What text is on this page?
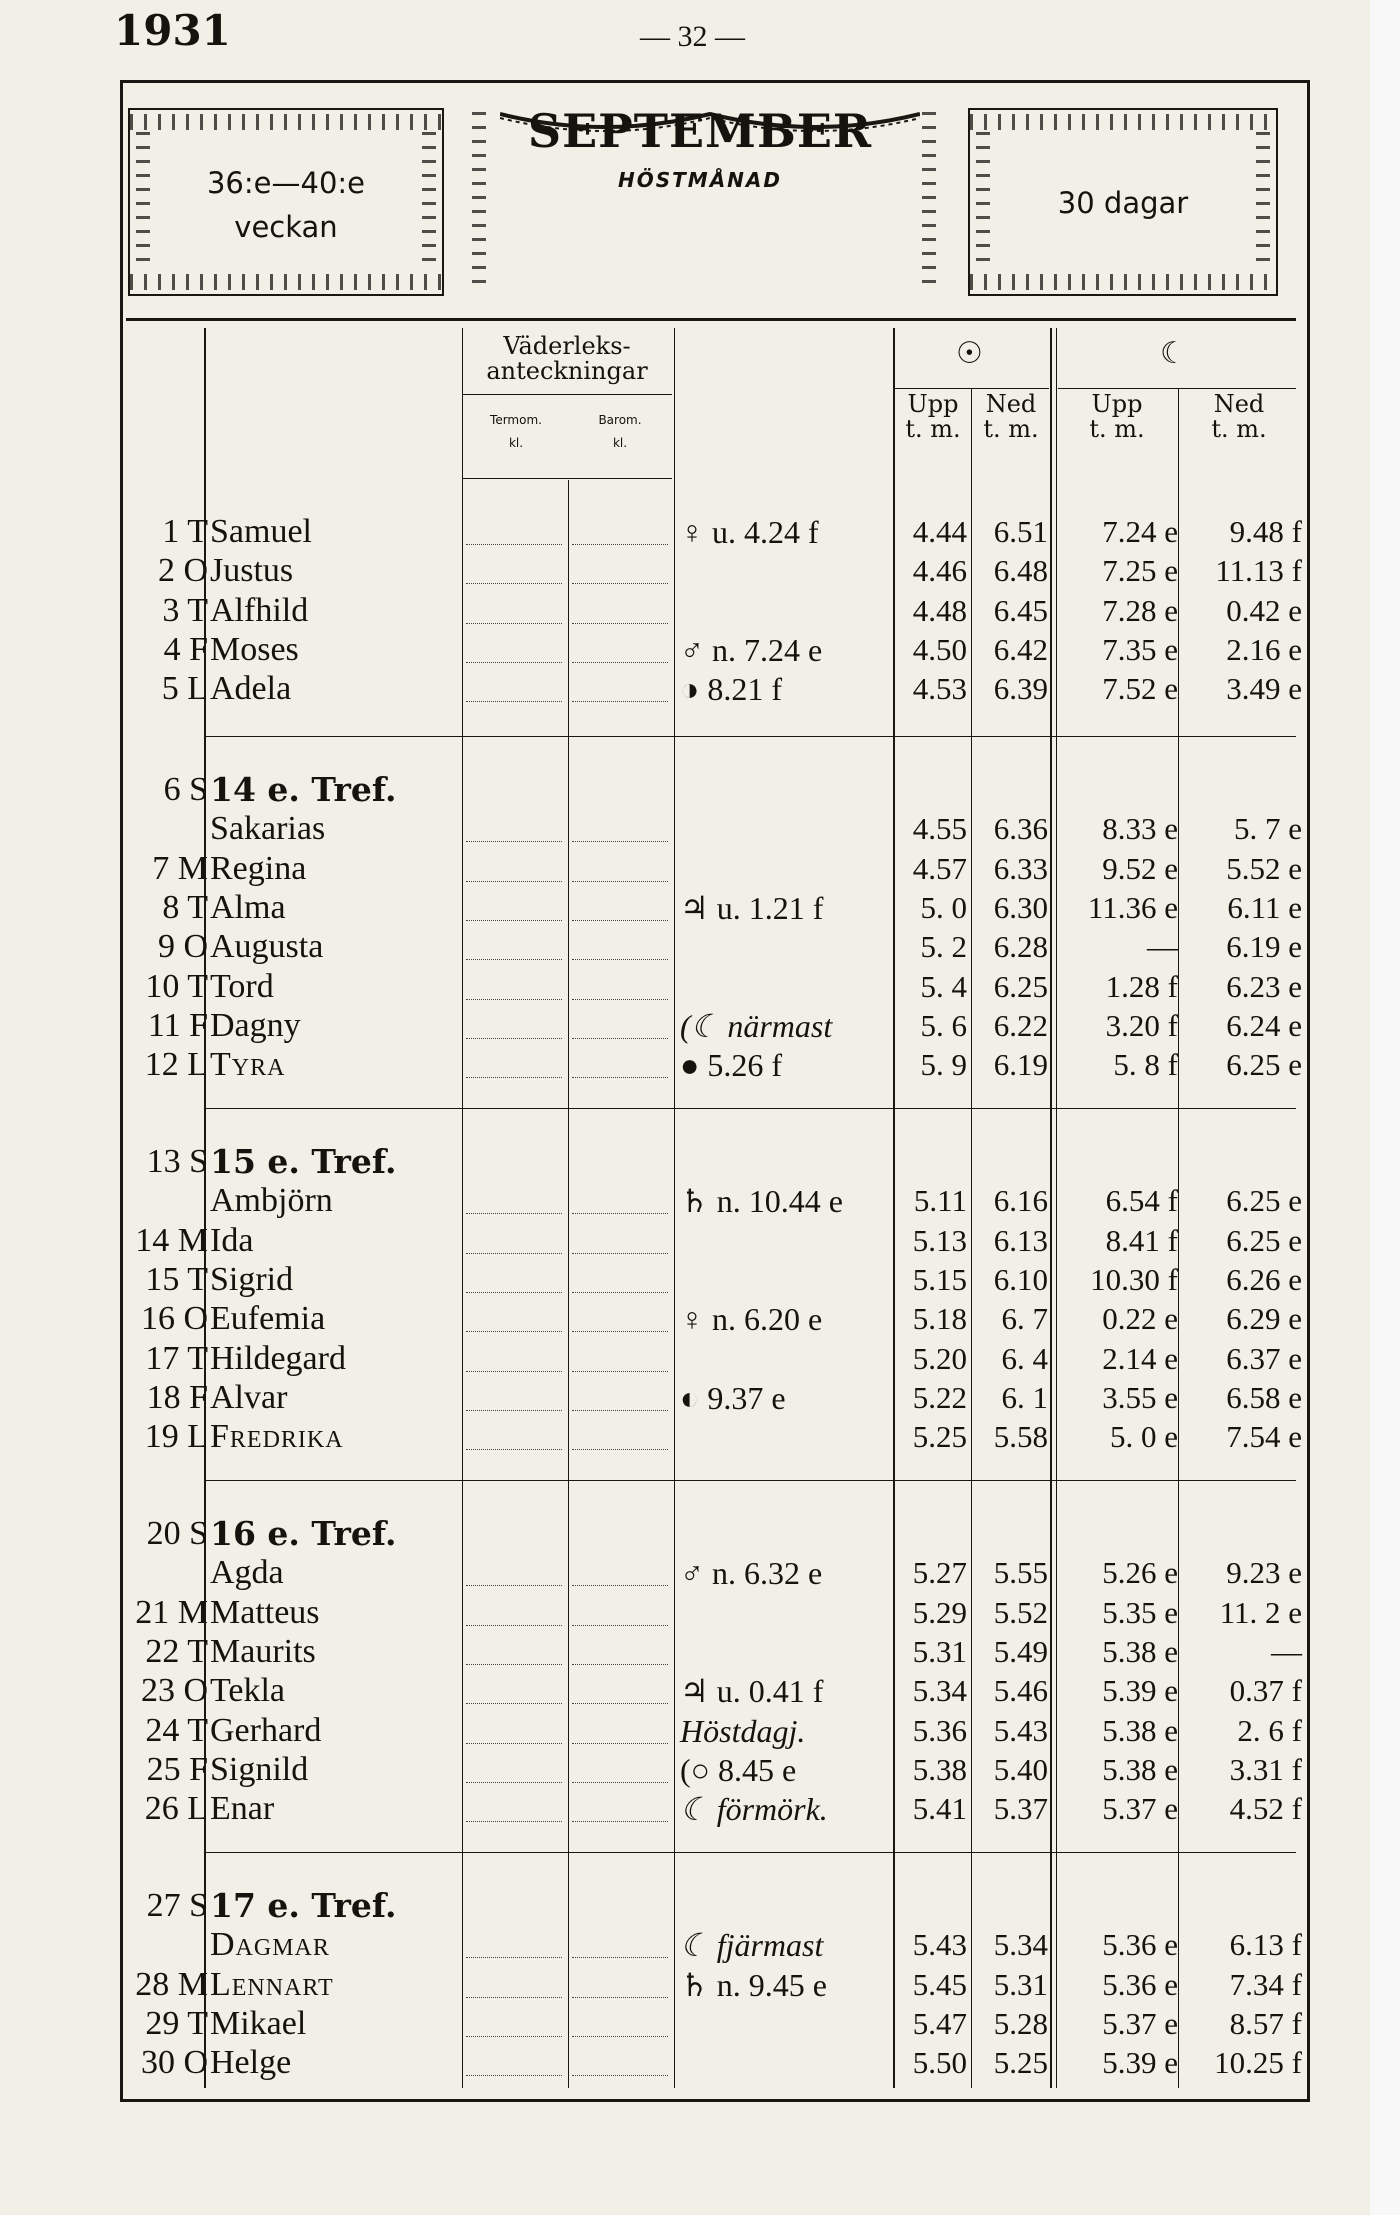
1931	— 32 —
36:e—40:e
veckan
SEPTEMBER
HÖSTMÅNAD
30 dagar
Väderleks-
anteckningar
Termom.
kl.
Barom.
kl.
☉	☾
Upp
t. m.
Ned
t. m.
Upp
t. m.
Ned
t. m.
1 T Samuel	♀ u. 4.24 f	4.44 6.51	7.24 e	9.48 f
2 O Justus	4.46 6.48	7.25 e	11.13 f
3 T Alfhild	4.48 6.45	7.28 e	0.42 e
4 F Moses	♂ n. 7.24 e	4.50 6.42	7.35 e	2.16 e
5 L Adela	◑ 8.21 f	4.53 6.39	7.52 e	3.49 e
6 S 14 e. Tref.
Sakarias	4.55 6.36	8.33 e	5. 7 e
7 M Regina	4.57 6.33	9.52 e	5.52 e
8 T Alma	♃ u. 1.21 f	5. 0 6.30	11.36 e	6.11 e
9 O Augusta	5. 2 6.28	—	6.19 e
10 T Tord	5. 4 6.25	1.28 f	6.23 e
11 F Dagny	(☾ närmast	5. 6 6.22	3.20 f	6.24 e
12 L Tyra	● 5.26 f	5. 9 6.19	5. 8 f	6.25 e
13 S 15 e. Tref.
Ambjörn	♄ n. 10.44 e	5.11 6.16	6.54 f	6.25 e
14 M Ida	5.13 6.13	8.41 f	6.25 e
15 T Sigrid	5.15 6.10	10.30 f	6.26 e
16 O Eufemia	♀ n. 6.20 e	5.18	6. 7	0.22 e	6.29 e
17 T Hildegard	5.20	6. 4	2.14 e	6.37 e
18 F Alvar	◐ 9.37 e	5.22	6. 1	3.55 e	6.58 e
19 L Fredrika	5.25 5.58	5. 0 e	7.54 e
20 S 16 e. Tref.
Agda	♂ n. 6.32 e	5.27 5.55	5.26 e	9.23 e
21 M Matteus	5.29 5.52	5.35 e	11. 2 e
22 T Maurits	5.31 5.49	5.38 e	—
23 O Tekla	♃ u. 0.41 f	5.34 5.46	5.39 e	0.37 f
24 T Gerhard	Höstdagj.	5.36 5.43	5.38 e	2. 6 f
25 F Signild	(○ 8.45 e	5.38 5.40	5.38 e	3.31 f
26 L Enar	☾ förmörk.	5.41 5.37	5.37 e	4.52 f
27 S 17 e. Tref.
Dagmar	☾ fjärmast	5.43 5.34	5.36 e	6.13 f
28 M Lennart	♄ n. 9.45 e	5.45 5.31	5.36 e	7.34 f
29 T Mikael	5.47 5.28	5.37 e	8.57 f
30 O Helge	5.50 5.25	5.39 e	10.25 f
